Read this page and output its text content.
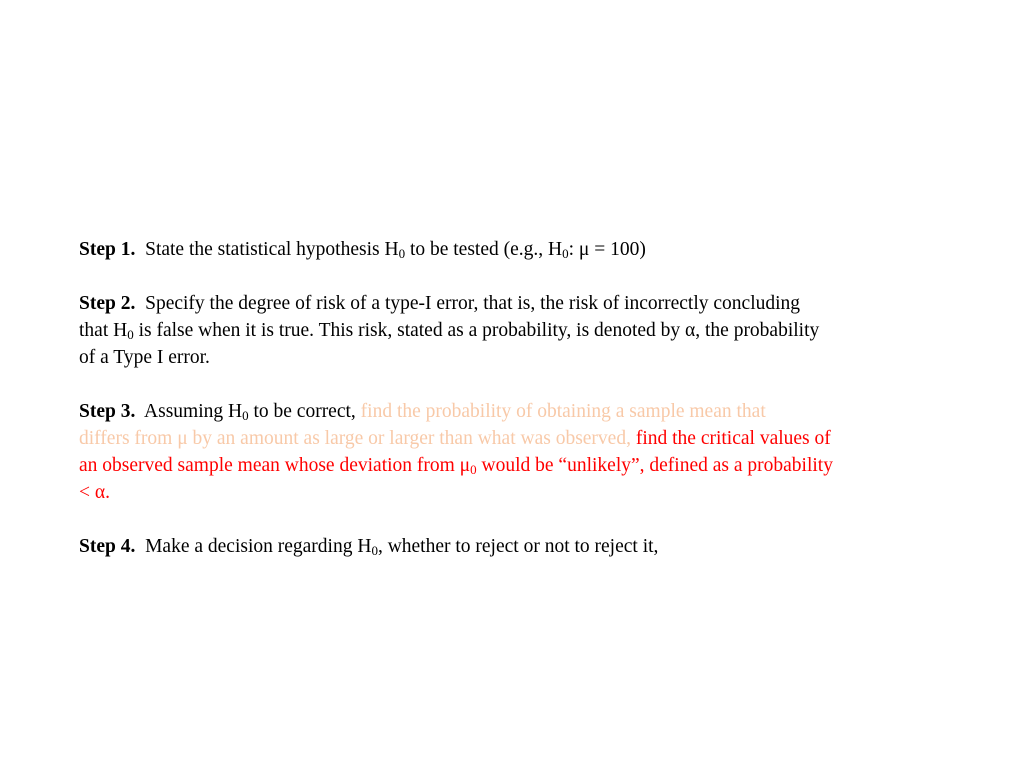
Step 1. State the statistical hypothesis $H_0$ to be tested (e.g., $H_0$: μ = 100)
Step 2. Specify the degree of risk of a type-I error, that is, the risk of incorrectly concluding
that $H_0$ is false when it is true. This risk, stated as a probability, is denoted by α, the probability
of a Type I error.
Step 3. Assuming $H_0$ to be correct, find the probability of obtaining a sample mean that
differs from μ by an amount as large or larger than what was observed, find the critical values of
an observed sample mean whose deviation from $\mu_0$ would be “unlikely”, defined as a probability
< α.
Step 4. Make a decision regarding $H_0$, whether to reject or not to reject it,
